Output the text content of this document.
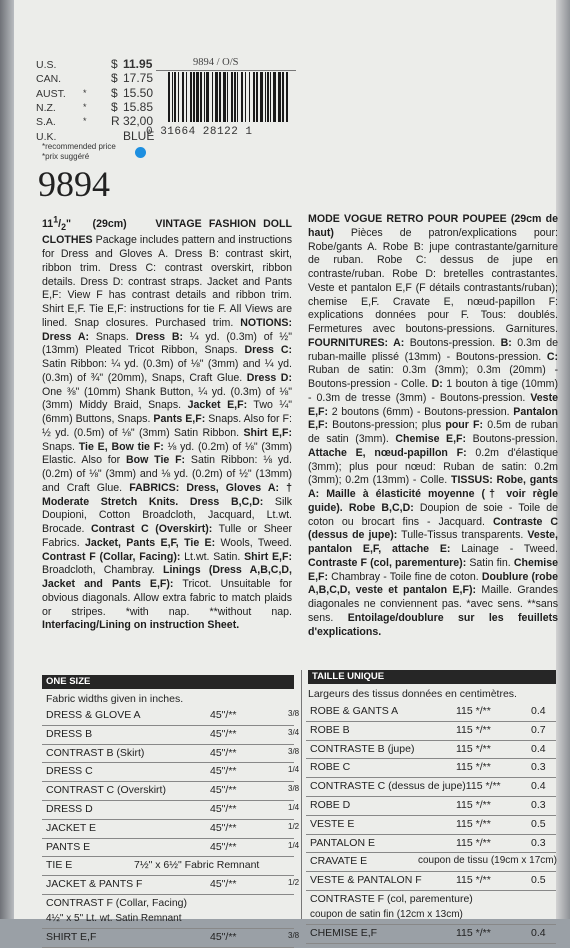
U.S.	$ 11.95
CAN.	$ 17.75
AUST. * $ 15.50
N.Z.	* $ 15.85
S.A.	* R 32,00
U.K.	BLUE
*recommended price
*prix suggéré
9894 / O/S
0 31664 28122 1
9894
$11^1/_2$"   (29cm)    VINTAGE FASHION DOLL CLOTHES Package includes pattern and instructions for Dress and Gloves A. Dress B: contrast skirt, ribbon trim. Dress C: contrast overskirt, ribbon details. Dress D: contrast straps. Jacket and Pants E,F: View F has contrast details and ribbon trim. Shirt E,F. Tie E,F: instructions for tie F. All Views are lined. Snap closures. Purchased trim. NOTIONS: Dress A: Snaps. Dress B: ¼ yd. (0.3m) of ½" (13mm) Pleated Tricot Ribbon, Snaps. Dress C: Satin Ribbon: ¼ yd. (0.3m) of ⅛" (3mm) and ¼ yd. (0.3m) of ¾" (20mm), Snaps, Craft Glue. Dress D: One ⅜" (10mm) Shank Button, ¼ yd. (0.3m) of ⅛" (3mm) Middy Braid, Snaps. Jacket E,F: Two ¼" (6mm) Buttons, Snaps. Pants E,F: Snaps. Also for F: ½ yd. (0.5m) of ⅛" (3mm) Satin Ribbon. Shirt E,F: Snaps. Tie E, Bow tie F: ⅛ yd. (0.2m) of ⅛" (3mm) Elastic. Also for Bow Tie F: Satin Ribbon: ⅛ yd. (0.2m) of ⅛" (3mm) and ⅛ yd. (0.2m) of ½" (13mm) and Craft Glue. FABRICS: Dress, Gloves A: † Moderate Stretch Knits. Dress B,C,D: Silk Doupioni, Cotton Broadcloth, Jacquard, Lt.wt. Brocade. Contrast C (Overskirt): Tulle or Sheer Fabrics. Jacket, Pants E,F, Tie E: Wools, Tweed. Contrast F (Collar, Facing): Lt.wt. Satin. Shirt E,F: Broadcloth, Chambray. Linings (Dress A,B,C,D, Jacket and Pants E,F): Tricot. Unsuitable for obvious diagonals. Allow extra fabric to match plaids or stripes. *with nap. **without nap. Interfacing/Lining on instruction Sheet.
MODE VOGUE RETRO POUR POUPEE (29cm de haut) Pièces de patron/explications pour: Robe/gants A. Robe B: jupe contrastante/garniture de ruban. Robe C: dessus de jupe en contraste/ruban. Robe D: bretelles contrastantes. Veste et pantalon E,F (F détails contrastants/ruban); chemise E,F. Cravate E, nœud-papillon F: explications données pour F. Tous: doublés. Fermetures avec boutons-pressions. Garnitures. FOURNITURES: A: Boutons-pression. B: 0.3m de ruban-maille plissé (13mm) - Boutons-pression. C: Ruban de satin: 0.3m (3mm); 0.3m (20mm) - Boutons-pression - Colle. D: 1 bouton à tige (10mm) - 0.3m de tresse (3mm) - Boutons-pression. Veste E,F: 2 boutons (6mm) - Boutons-pression. Pantalon E,F: Boutons-pression; plus pour F: 0.5m de ruban de satin (3mm). Chemise E,F: Boutons-pression. Attache E, nœud-papillon F: 0.2m d'élastique (3mm); plus pour nœud: Ruban de satin: 0.2m (3mm); 0.2m (13mm) - Colle. TISSUS: Robe, gants A: Maille à élasticité moyenne († voir règle guide). Robe B,C,D: Doupion de soie - Toile de coton ou brocart fins - Jacquard. Contraste C (dessus de jupe): Tulle-Tissus transparents. Veste, pantalon E,F, attache E: Lainage - Tweed. Contraste F (col, parementure): Satin fin. Chemise E,F: Chambray - Toile fine de coton. Doublure (robe A,B,C,D, veste et pantalon E,F): Maille. Grandes diagonales ne conviennent pas. *avec sens. **sans sens. Entoilage/doublure sur les feuillets d'explications.
ONE SIZE	TAILLE UNIQUE
Fabric widths given in inches.	Largeurs des tissus données en centimètres.
DRESS & GLOVE A	45"/**	3/8
DRESS B	45"/**	3/4
CONTRAST B (Skirt)	45"/**	3/8
DRESS C	45"/**	1/4
CONTRAST C (Overskirt)	45"/**	3/8
DRESS D	45"/**	1/4
JACKET E	45"/**	1/2
PANTS E	45"/**	1/4
TIE E	7½" x 6½" Fabric Remnant
JACKET & PANTS F	45"/**	1/2
CONTRAST F (Collar, Facing)
4½" x 5" Lt. wt. Satin Remnant
SHIRT E,F	45"/**	3/8
ROBE & GANTS A	115 */**	0.4
ROBE B	115 */**	0.7
CONTRASTE B (jupe)	115 */**	0.4
ROBE C	115 */**	0.3
CONTRASTE C (dessus de jupe)115 */**	0.4
ROBE D	115 */**	0.3
VESTE E	115 */**	0.5
PANTALON E	115 */**	0.3
CRAVATE E	coupon de tissu (19cm x 17cm)
VESTE & PANTALON F	115 */**	0.5
CONTRASTE F (col, parementure)
coupon de satin fin (12cm x 13cm)
CHEMISE E,F	115 */**	0.4
